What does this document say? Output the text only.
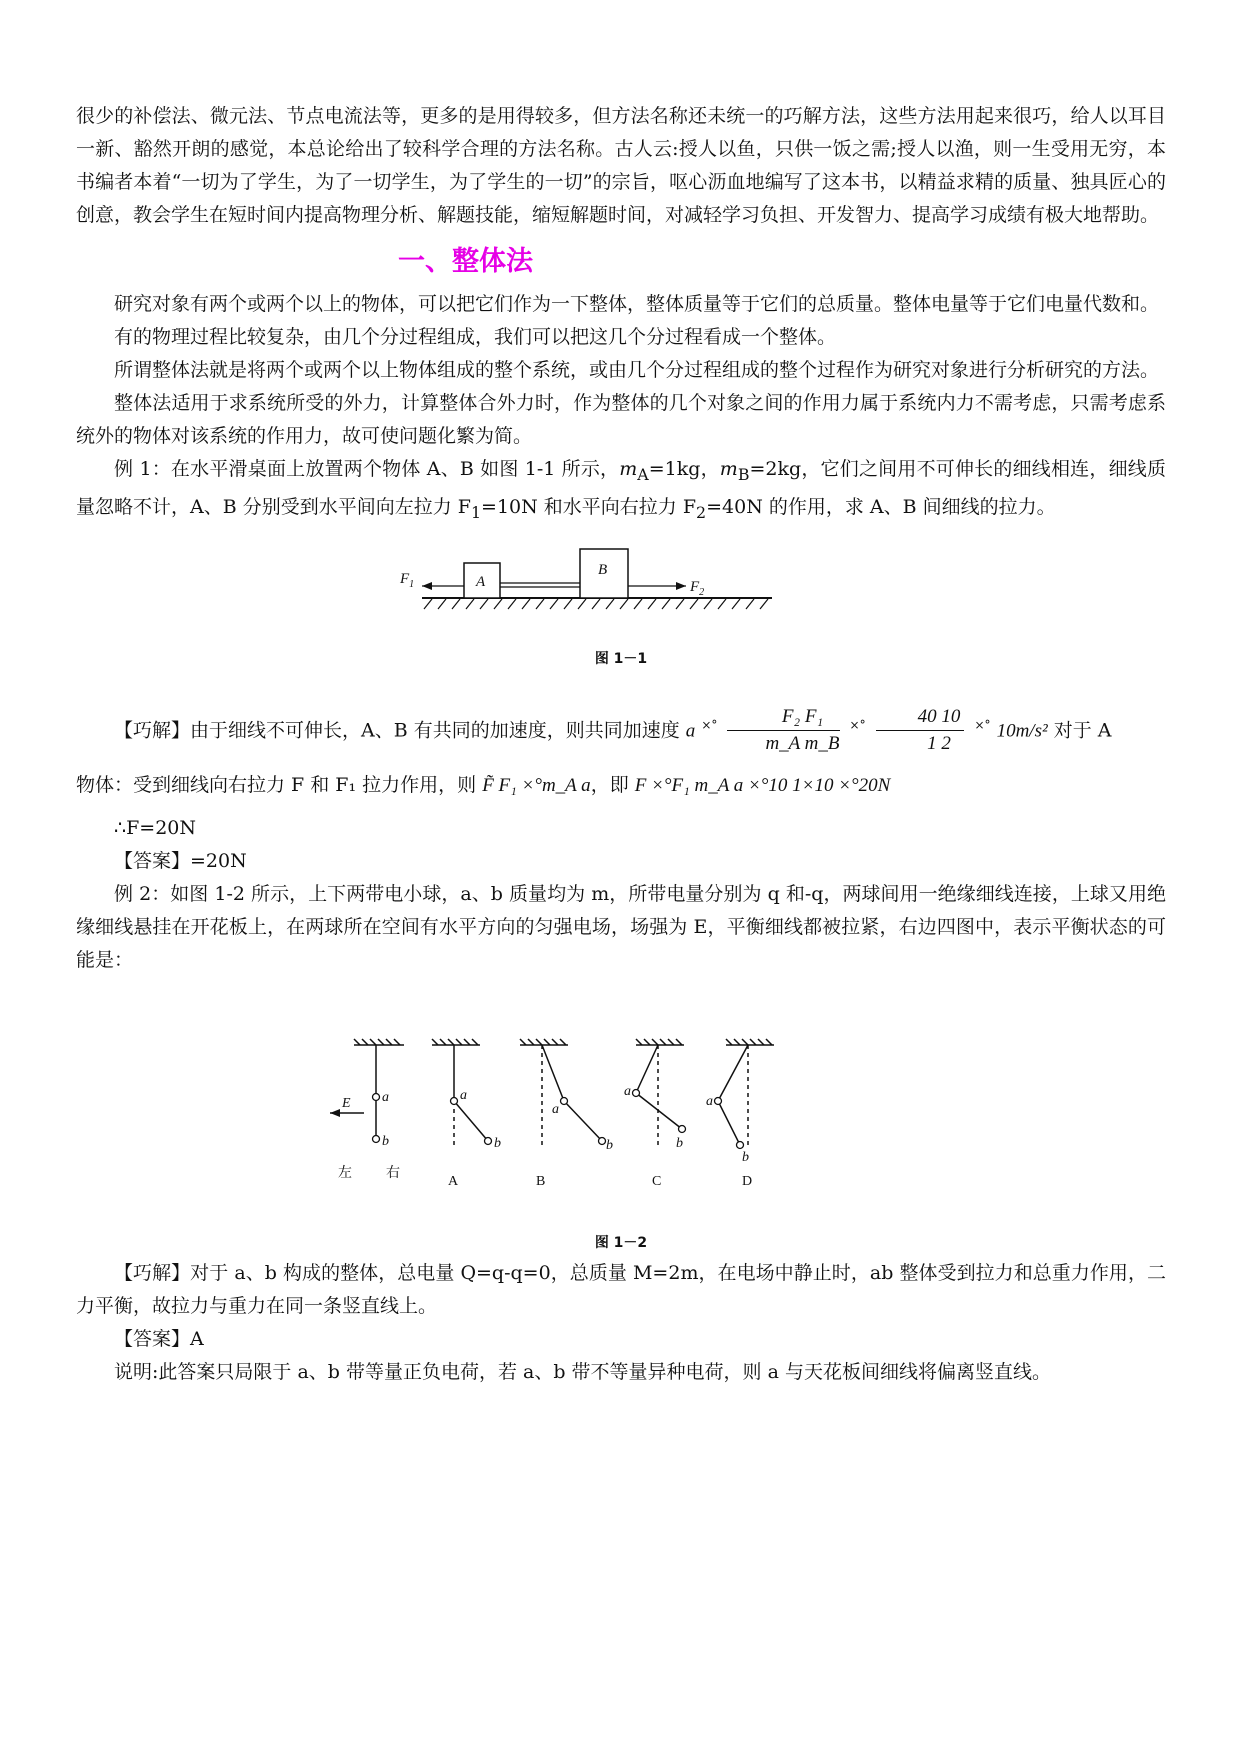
很少的补偿法、微元法、节点电流法等，更多的是用得较多，但方法名称还未统一的巧解方法，这些方法用起来很巧，给人以耳目一新、豁然开朗的感觉，本总论给出了较科学合理的方法名称。古人云:授人以鱼，只供一饭之需;授人以渔，则一生受用无穷，本书编者本着“一切为了学生，为了一切学生，为了学生的一切”的宗旨，呕心沥血地编写了这本书，以精益求精的质量、独具匠心的创意，教会学生在短时间内提高物理分析、解题技能，缩短解题时间，对减轻学习负担、开发智力、提高学习成绩有极大地帮助。

一、整体法

研究对象有两个或两个以上的物体，可以把它们作为一下整体，整体质量等于它们的总质量。整体电量等于它们电量代数和。

有的物理过程比较复杂，由几个分过程组成，我们可以把这几个分过程看成一个整体。

所谓整体法就是将两个或两个以上物体组成的整个系统，或由几个分过程组成的整个过程作为研究对象进行分析研究的方法。

整体法适用于求系统所受的外力，计算整体合外力时，作为整体的几个对象之间的作用力属于系统内力不需考虑，只需考虑系统外的物体对该系统的作用力，故可使问题化繁为简。

例 1：在水平滑桌面上放置两个物体 A、B 如图 1-1 所示，$m_A=1kg$，$m_B=2kg$，它们之间用不可伸长的细线相连，细线质量忽略不计，A、B 分别受到水平间向左拉力 $F_1=10N$ 和水平向右拉力 $F_2=40N$ 的作用，求 A、B 间细线的拉力。

$F_1$	A
B
$F_2$
图 1－1

【巧解】由于细线不可伸长，A、B 有共同的加速度，则共同加速度 a $^{\times^\circ} \frac{\text{F₂ F₁}}{\text{m\_A m\_B}} ^{\times^\circ} \frac{40 10}{1 2} ^{\times^\circ}$ 10m/s² 对于 A

物体：受到细线向右拉力 F 和 F₁ 拉力作用，则 F̃ F₁ ×°m_A a，即 F ×°F₁ m_A a ×°10 1×10 ×°20N

∴F=20N

【答案】=20N

例 2：如图 1-2 所示，上下两带电小球，a、b 质量均为 m，所带电量分别为 q 和-q，两球间用一绝缘细线连接，上球又用绝缘细线悬挂在开花板上，在两球所在空间有水平方向的匀强电场，场强为 E，平衡细线都被拉紧，右边四图中，表示平衡状态的可能是：

E a
b
a
b
a
b
a
b
a
b
左 右
A	B	C	D
图 1－2

【巧解】对于 a、b 构成的整体，总电量 Q=q-q=0，总质量 M=2m，在电场中静止时，ab 整体受到拉力和总重力作用，二力平衡，故拉力与重力在同一条竖直线上。

【答案】A

说明:此答案只局限于 a、b 带等量正负电荷，若 a、b 带不等量异种电荷，则 a 与天花板间细线将偏离竖直线。
